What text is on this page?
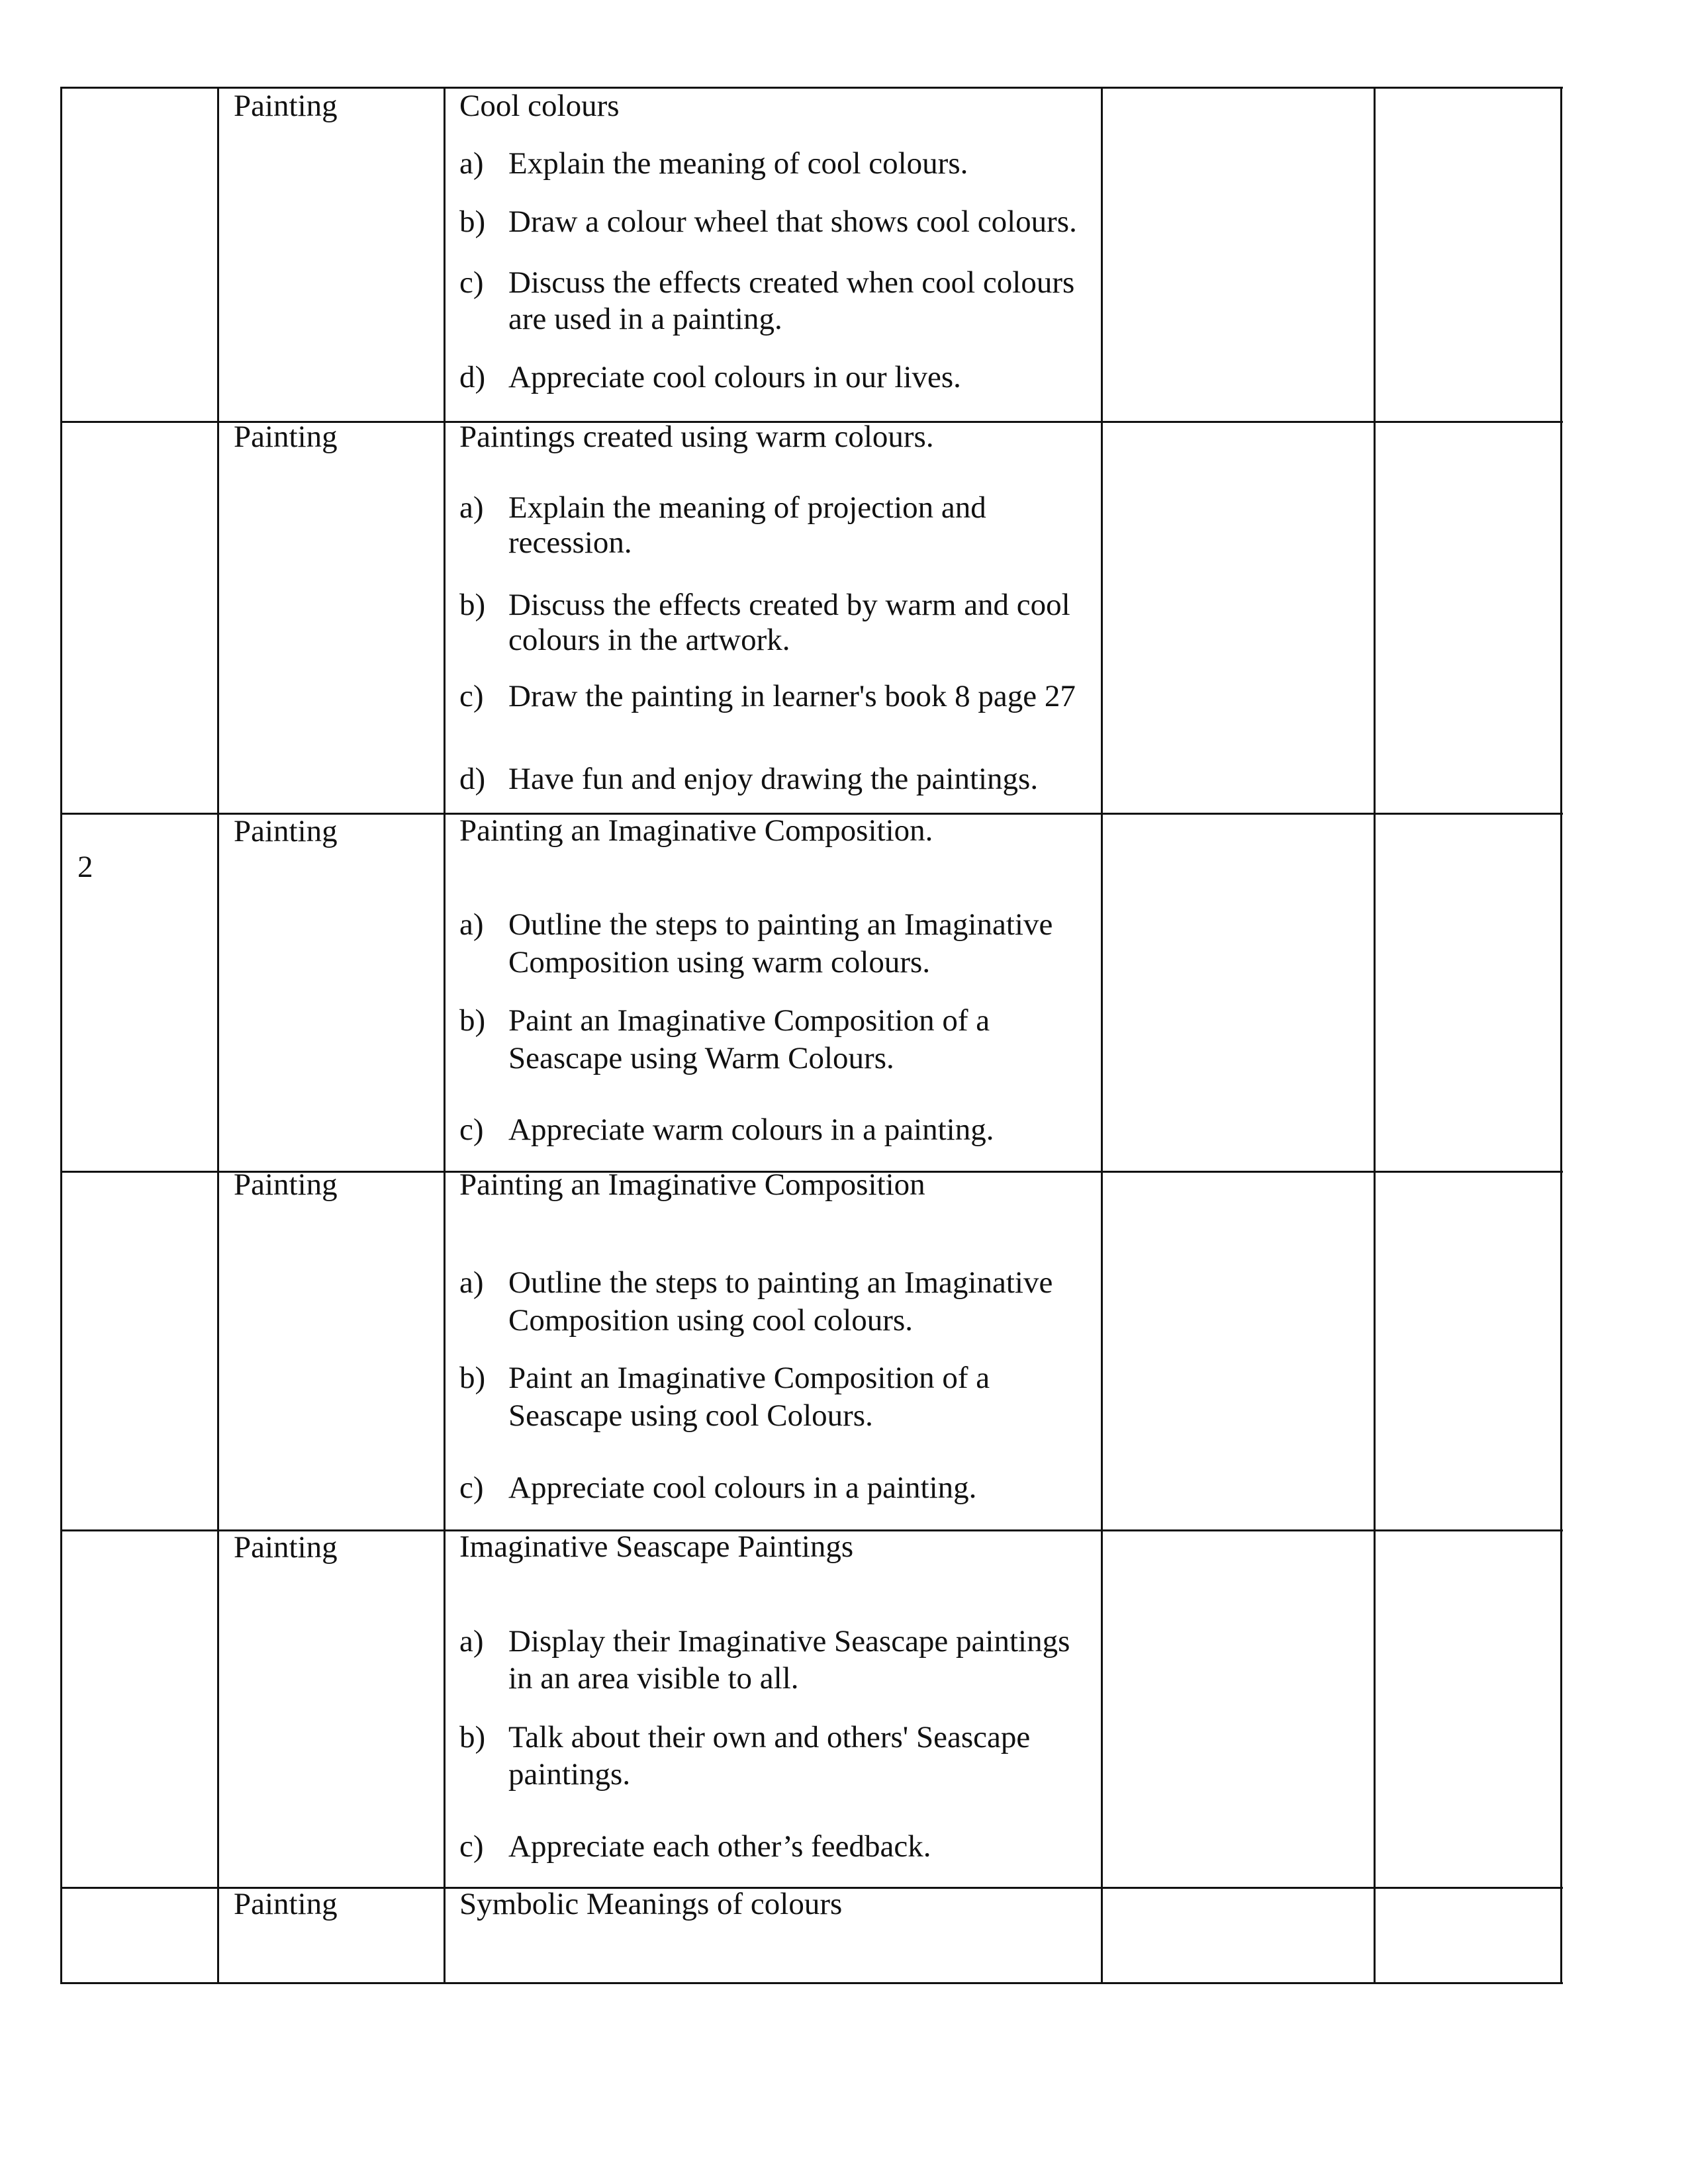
Painting	Cool colours
a) Explain the meaning of cool colours.
b) Draw a colour wheel that shows cool colours.
c) Discuss the effects created when cool colours
are used in a painting.
d) Appreciate cool colours in our lives.
Painting	Paintings created using warm colours.
a) Explain the meaning of projection and
recession.
b) Discuss the effects created by warm and cool
colours in the artwork.
c) Draw the painting in learner's book 8 page 27
d) Have fun and enjoy drawing the paintings.
2
Painting	Painting an Imaginative Composition.
a) Outline the steps to painting an Imaginative
Composition using warm colours.
b) Paint an Imaginative Composition of a
Seascape using Warm Colours.
c) Appreciate warm colours in a painting.
Painting	Painting an Imaginative Composition
a) Outline the steps to painting an Imaginative
Composition using cool colours.
b) Paint an Imaginative Composition of a
Seascape using cool Colours.
c) Appreciate cool colours in a painting.
Painting	Imaginative Seascape Paintings
a) Display their Imaginative Seascape paintings
in an area visible to all.
b) Talk about their own and others' Seascape
paintings.
c) Appreciate each other’s feedback.
Painting	Symbolic Meanings of colours
